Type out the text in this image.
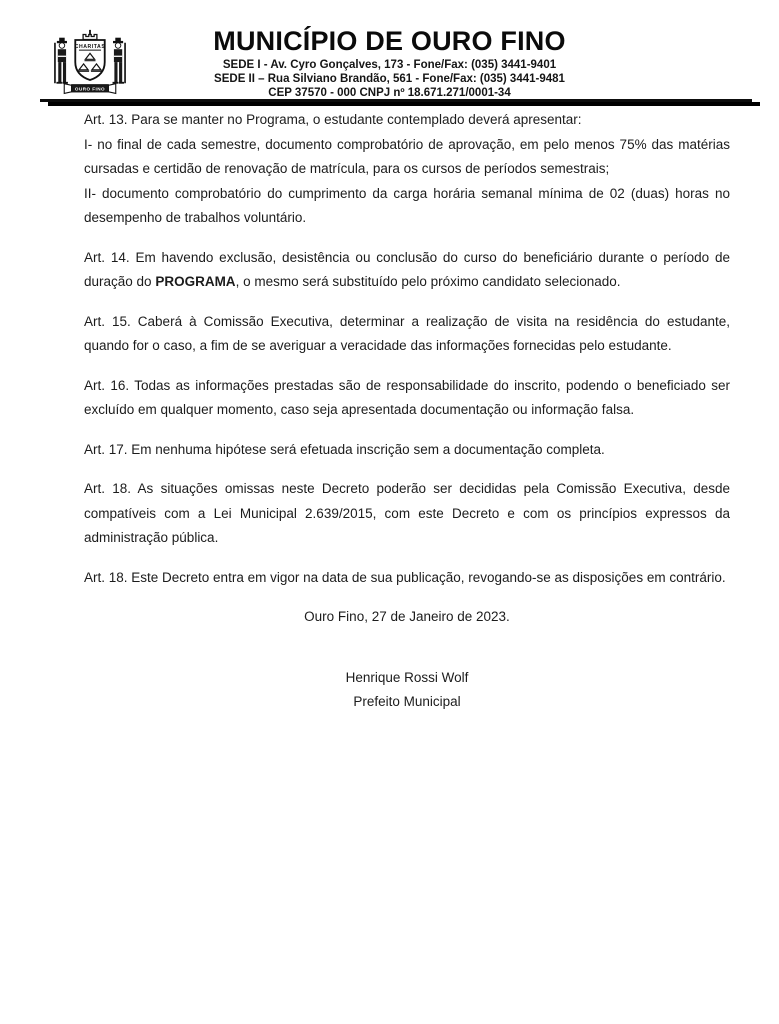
CHARITAS
OURO FINO
MUNICÍPIO DE OURO FINO
SEDE I - Av. Cyro Gonçalves, 173 - Fone/Fax: (035) 3441-9401
SEDE II – Rua Silviano Brandão, 561 - Fone/Fax: (035) 3441-9481
CEP 37570 - 000 CNPJ nº 18.671.271/0001-34

Art. 13. Para se manter no Programa, o estudante contemplado deverá apresentar:

I- no final de cada semestre, documento comprobatório de aprovação, em pelo menos 75% das matérias cursadas e certidão de renovação de matrícula, para os cursos de períodos semestrais;

II- documento comprobatório do cumprimento da carga horária semanal mínima de 02 (duas) horas no desempenho de trabalhos voluntário.

Art. 14. Em havendo exclusão, desistência ou conclusão do curso do beneficiário durante o período de duração do PROGRAMA, o mesmo será substituído pelo próximo candidato selecionado.

Art. 15. Caberá à Comissão Executiva, determinar a realização de visita na residência do estudante, quando for o caso, a fim de se averiguar a veracidade das informações fornecidas pelo estudante.

Art. 16. Todas as informações prestadas são de responsabilidade do inscrito, podendo o beneficiado ser excluído em qualquer momento, caso seja apresentada documentação ou informação falsa.

Art. 17. Em nenhuma hipótese será efetuada inscrição sem a documentação completa.

Art. 18. As situações omissas neste Decreto poderão ser decididas pela Comissão Executiva, desde compatíveis com a Lei Municipal 2.639/2015, com este Decreto e com os princípios expressos da administração pública.

Art. 18. Este Decreto entra em vigor na data de sua publicação, revogando-se as disposições em contrário.

Ouro Fino, 27 de Janeiro de 2023.

Henrique Rossi Wolf
Prefeito Municipal
